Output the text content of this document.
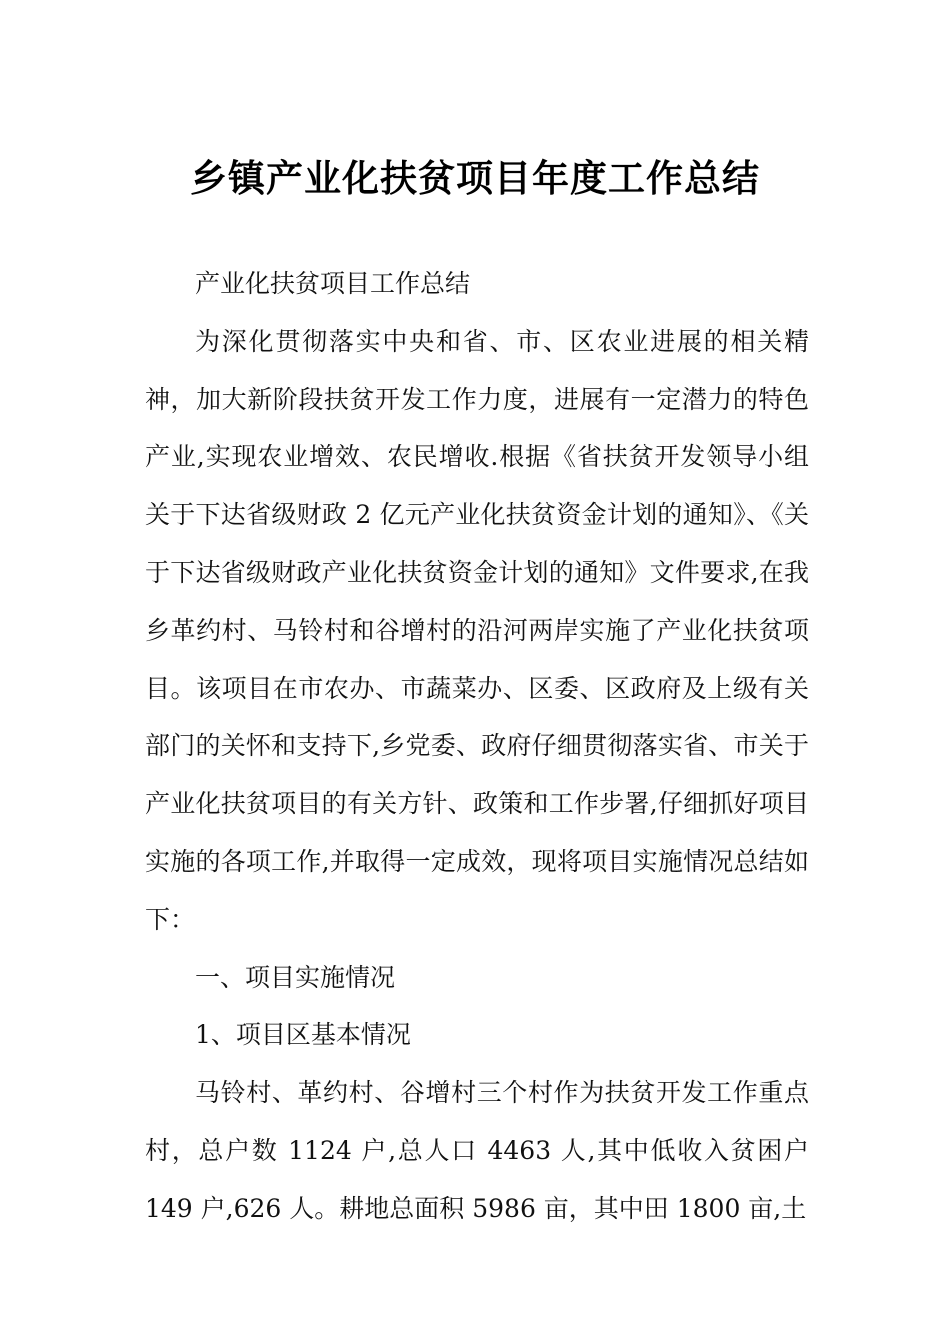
乡镇产业化扶贫项目年度工作总结

产业化扶贫项目工作总结

为深化贯彻落实中央和省、市、区农业进展的相关精神，加大新阶段扶贫开发工作力度，进展有一定潜力的特色产业,实现农业增效、农民增收.根据《省扶贫开发领导小组关于下达省级财政 2 亿元产业化扶贫资金计划的通知》、《关于下达省级财政产业化扶贫资金计划的通知》文件要求,在我乡革约村、马铃村和谷增村的沿河两岸实施了产业化扶贫项目。该项目在市农办、市蔬菜办、区委、区政府及上级有关部门的关怀和支持下,乡党委、政府仔细贯彻落实省、市关于产业化扶贫项目的有关方针、政策和工作步署,仔细抓好项目实施的各项工作,并取得一定成效，现将项目实施情况总结如下：

一、项目实施情况

1、项目区基本情况

马铃村、革约村、谷增村三个村作为扶贫开发工作重点村，总户数 1124 户,总人口 4463 人,其中低收入贫困户 149 户,626 人。耕地总面积 5986 亩，其中田 1800 亩,土
